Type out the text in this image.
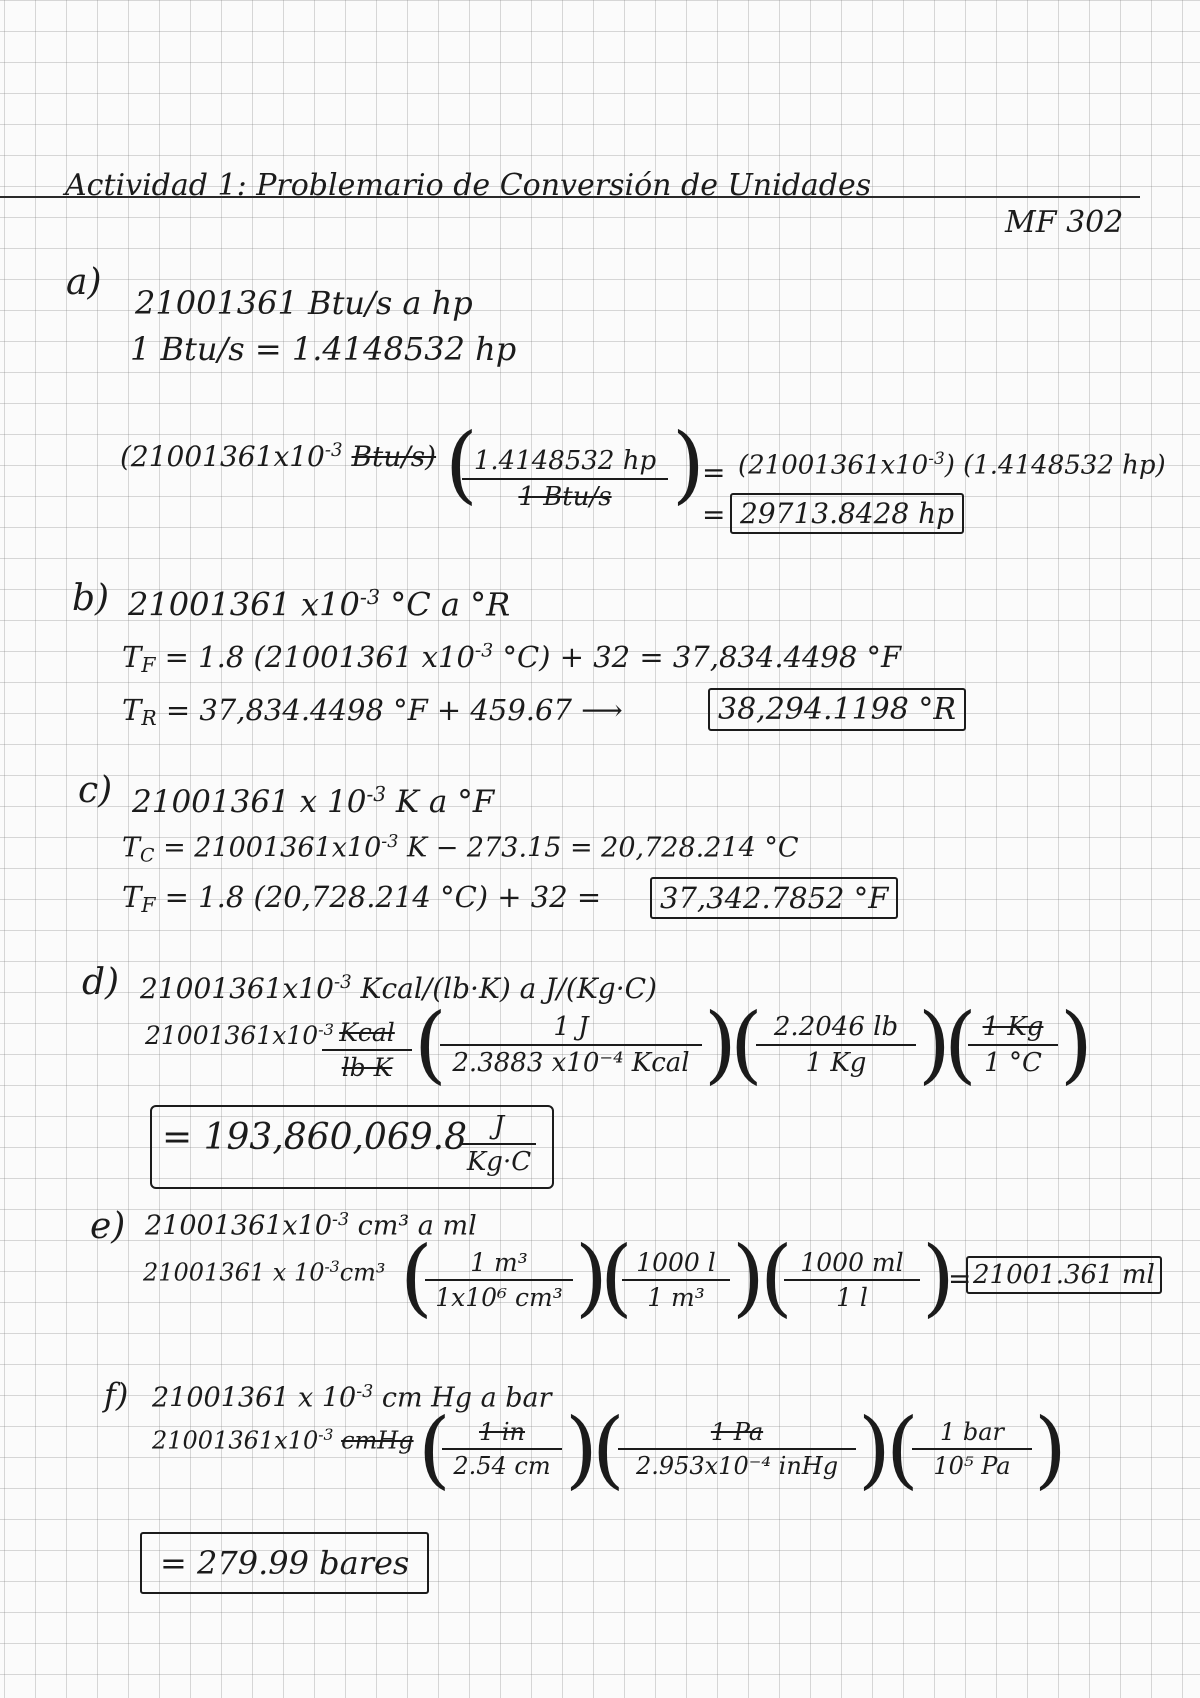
Actividad 1: Problemario de Conversión de Unidades
MF 302
a) 21001361 Btu/s a hp
1 Btu/s = 1.4148532 hp
($21001361x10^{-3}$ Btu/s) (
1.4148532 hp
1 Btu/s )
= $(21001361x10^{-3})$ (1.4148532 hp)
= 29713.8428 hp
b) 21001361 $x10^{-3}$ °C a °R
$T_F = 1.8$ (21001361 $x10^{-3}$ °C) + 32 = 37,834.4498 °F
$T_R = 37,834.4498$ °F + 459.67 ⟶	38,294.1198 °R
c) 21001361 x $10^{-3}$ K a °F
$T_C = 21001361x10^{-3}$ K − 273.15 = 20,728.214 °C
$T_F = 1.8$ (20,728.214 °C) + 32 =	37,342.7852 °F
d) $21001361x10^{-3}$ Kcal/(lb·K) a J/(Kg·C)
$21001361x10^{-3}$ Kcal
lb K (	1 J
2.3883 x10⁻⁴ Kcal )
(
$\frac{2.2046 lb}{1 Kg}$ )
(
$\frac{1 Kg}{1 ^\circ C}$ )
= 193,860,069.8
$\frac{J}{Kg\cdot C}$
e) $21001361x10^{-3}$ cm³ a ml
21001361 x $10^{-3}cm^3$ (
$\frac{\text{1 m³}}{\text{1x10⁶ cm³}}$ )
(
$\frac{1000 l}{\text{1 m³}}$ )
(
$\frac{1000 ml}{1 l}$ )
= 21001.361 ml
f) 21001361 x $10^{-3}$ cm Hg a bar
$21001361x10^{-3}$ cmHg (
$\frac{1 in}{2.54 cm}$ )
(	1 Pa
2.953x10⁻⁴ inHg )
( 1 bar
10⁵ Pa )
= 279.99 bares
